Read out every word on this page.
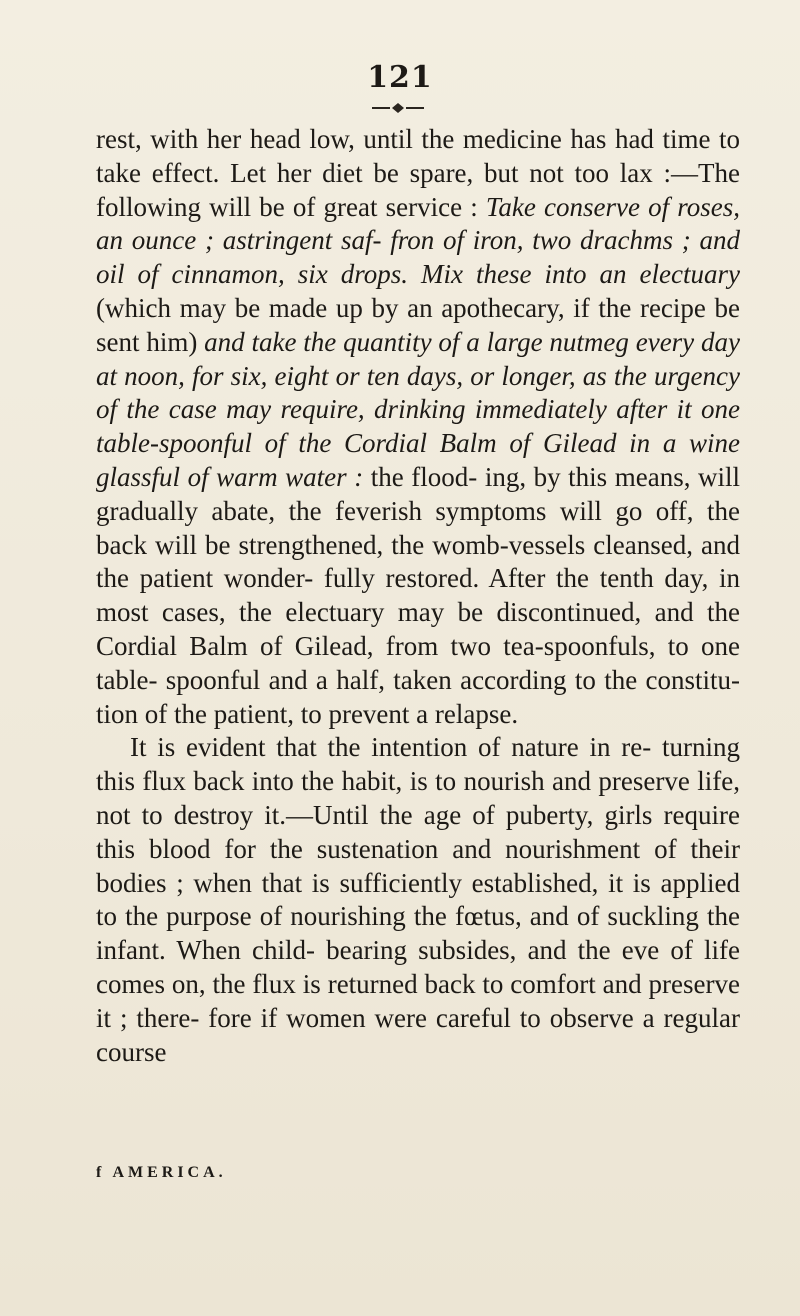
121

rest, with her head low, until the medicine has had time to take effect. Let her diet be spare, but not too lax :—The following will be of great service : Take conserve of roses, an ounce ; astringent saf- fron of iron, two drachms ; and oil of cinnamon, six drops. Mix these into an electuary (which may be made up by an apothecary, if the recipe be sent him) and take the quantity of a large nutmeg every day at noon, for six, eight or ten days, or longer, as the urgency of the case may require, drinking immediately after it one table-spoonful of the Cordial Balm of Gilead in a wine glassful of warm water : the flood- ing, by this means, will gradually abate, the feverish symptoms will go off, the back will be strengthened, the womb-vessels cleansed, and the patient wonder- fully restored. After the tenth day, in most cases, the electuary may be discontinued, and the Cordial Balm of Gilead, from two tea-spoonfuls, to one table- spoonful and a half, taken according to the constitu- tion of the patient, to prevent a relapse.

It is evident that the intention of nature in re- turning this flux back into the habit, is to nourish and preserve life, not to destroy it.—Until the age of puberty, girls require this blood for the sustenation and nourishment of their bodies ; when that is sufficiently established, it is applied to the purpose of nourishing the fœtus, and of suckling the infant. When child- bearing subsides, and the eve of life comes on, the flux is returned back to comfort and preserve it ; there- fore if women were careful to observe a regular course

f AMERICA.
